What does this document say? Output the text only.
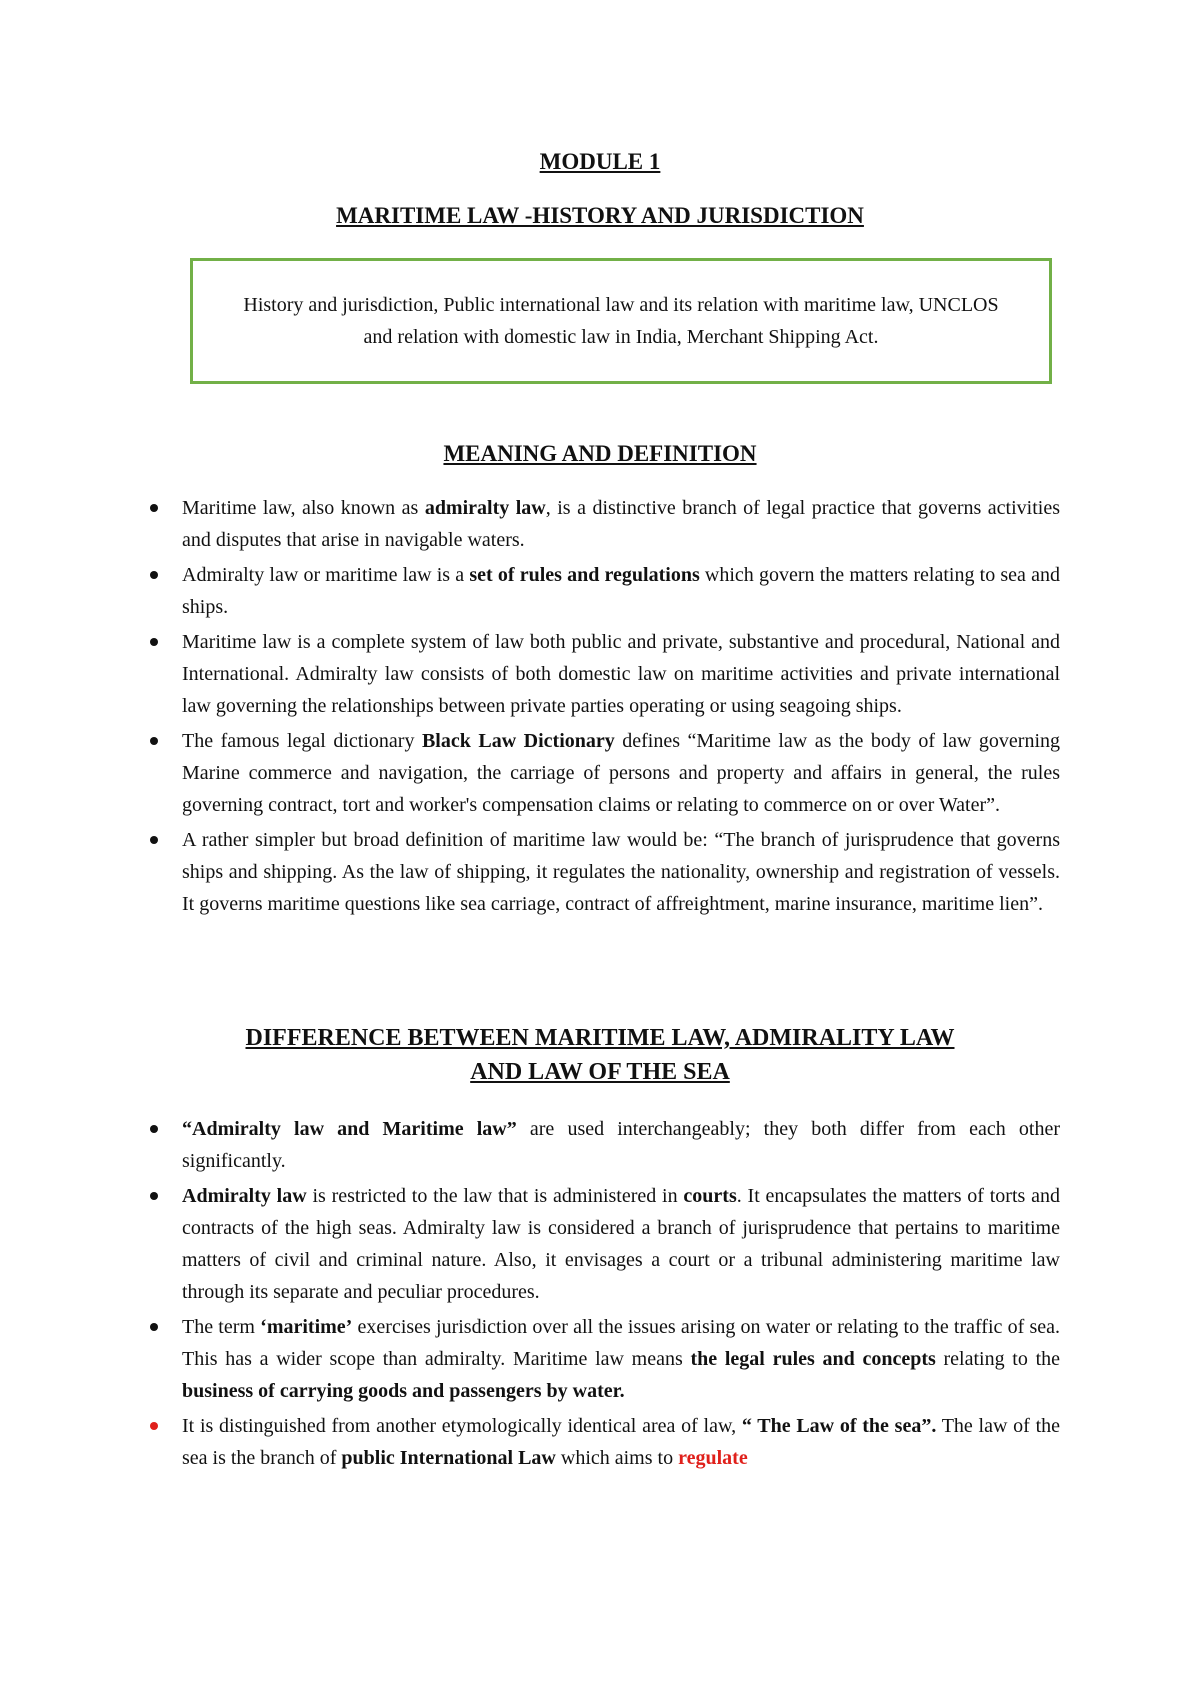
MODULE 1
MARITIME LAW -HISTORY AND JURISDICTION
History and jurisdiction, Public international law and its relation with maritime law, UNCLOS and relation with domestic law in India, Merchant Shipping Act.
MEANING AND DEFINITION
Maritime law, also known as admiralty law, is a distinctive branch of legal practice that governs activities and disputes that arise in navigable waters.
Admiralty law or maritime law is a set of rules and regulations which govern the matters relating to sea and ships.
Maritime law is a complete system of law both public and private, substantive and procedural, National and International. Admiralty law consists of both domestic law on maritime activities and private international law governing the relationships between private parties operating or using seagoing ships.
The famous legal dictionary Black Law Dictionary defines “Maritime law as the body of law governing Marine commerce and navigation, the carriage of persons and property and affairs in general, the rules governing contract, tort and worker's compensation claims or relating to commerce on or over Water”.
A rather simpler but broad definition of maritime law would be: “The branch of jurisprudence that governs ships and shipping. As the law of shipping, it regulates the nationality, ownership and registration of vessels. It governs maritime questions like sea carriage, contract of affreightment, marine insurance, maritime lien”.
DIFFERENCE BETWEEN MARITIME LAW, ADMIRALITY LAW AND LAW OF THE SEA
“Admiralty law and Maritime law” are used interchangeably; they both differ from each other significantly.
Admiralty law is restricted to the law that is administered in courts. It encapsulates the matters of torts and contracts of the high seas. Admiralty law is considered a branch of jurisprudence that pertains to maritime matters of civil and criminal nature. Also, it envisages a court or a tribunal administering maritime law through its separate and peculiar procedures.
The term ‘maritime’ exercises jurisdiction over all the issues arising on water or relating to the traffic of sea. This has a wider scope than admiralty. Maritime law means the legal rules and concepts relating to the business of carrying goods and passengers by water.
It is distinguished from another etymologically identical area of law, “ The Law of the sea”. The law of the sea is the branch of public International Law which aims to regulate
